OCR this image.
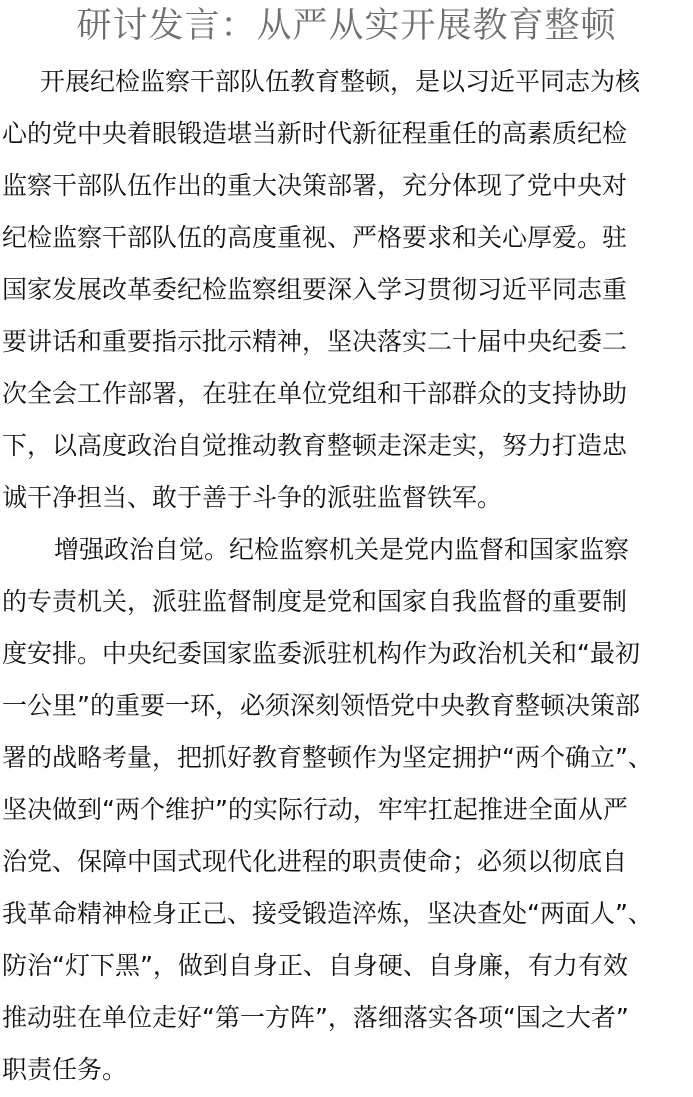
研讨发言：从严从实开展教育整顿
开展纪检监察干部队伍教育整顿，是以习近平同志为核
心的党中央着眼锻造堪当新时代新征程重任的高素质纪检
监察干部队伍作出的重大决策部署，充分体现了党中央对
纪检监察干部队伍的高度重视、严格要求和关心厚爱。驻
国家发展改革委纪检监察组要深入学习贯彻习近平同志重
要讲话和重要指示批示精神，坚决落实二十届中央纪委二
次全会工作部署，在驻在单位党组和干部群众的支持协助
下，以高度政治自觉推动教育整顿走深走实，努力打造忠
诚干净担当、敢于善于斗争的派驻监督铁军。
增强政治自觉。纪检监察机关是党内监督和国家监察
的专责机关，派驻监督制度是党和国家自我监督的重要制
度安排。中央纪委国家监委派驻机构作为政治机关和“最初
一公里”的重要一环，必须深刻领悟党中央教育整顿决策部
署的战略考量，把抓好教育整顿作为坚定拥护“两个确立”、
坚决做到“两个维护”的实际行动，牢牢扛起推进全面从严
治党、保障中国式现代化进程的职责使命；必须以彻底自
我革命精神检身正己、接受锻造淬炼，坚决查处“两面人”、
防治“灯下黑”，做到自身正、自身硬、自身廉，有力有效
推动驻在单位走好“第一方阵”，落细落实各项“国之大者”
职责任务。
